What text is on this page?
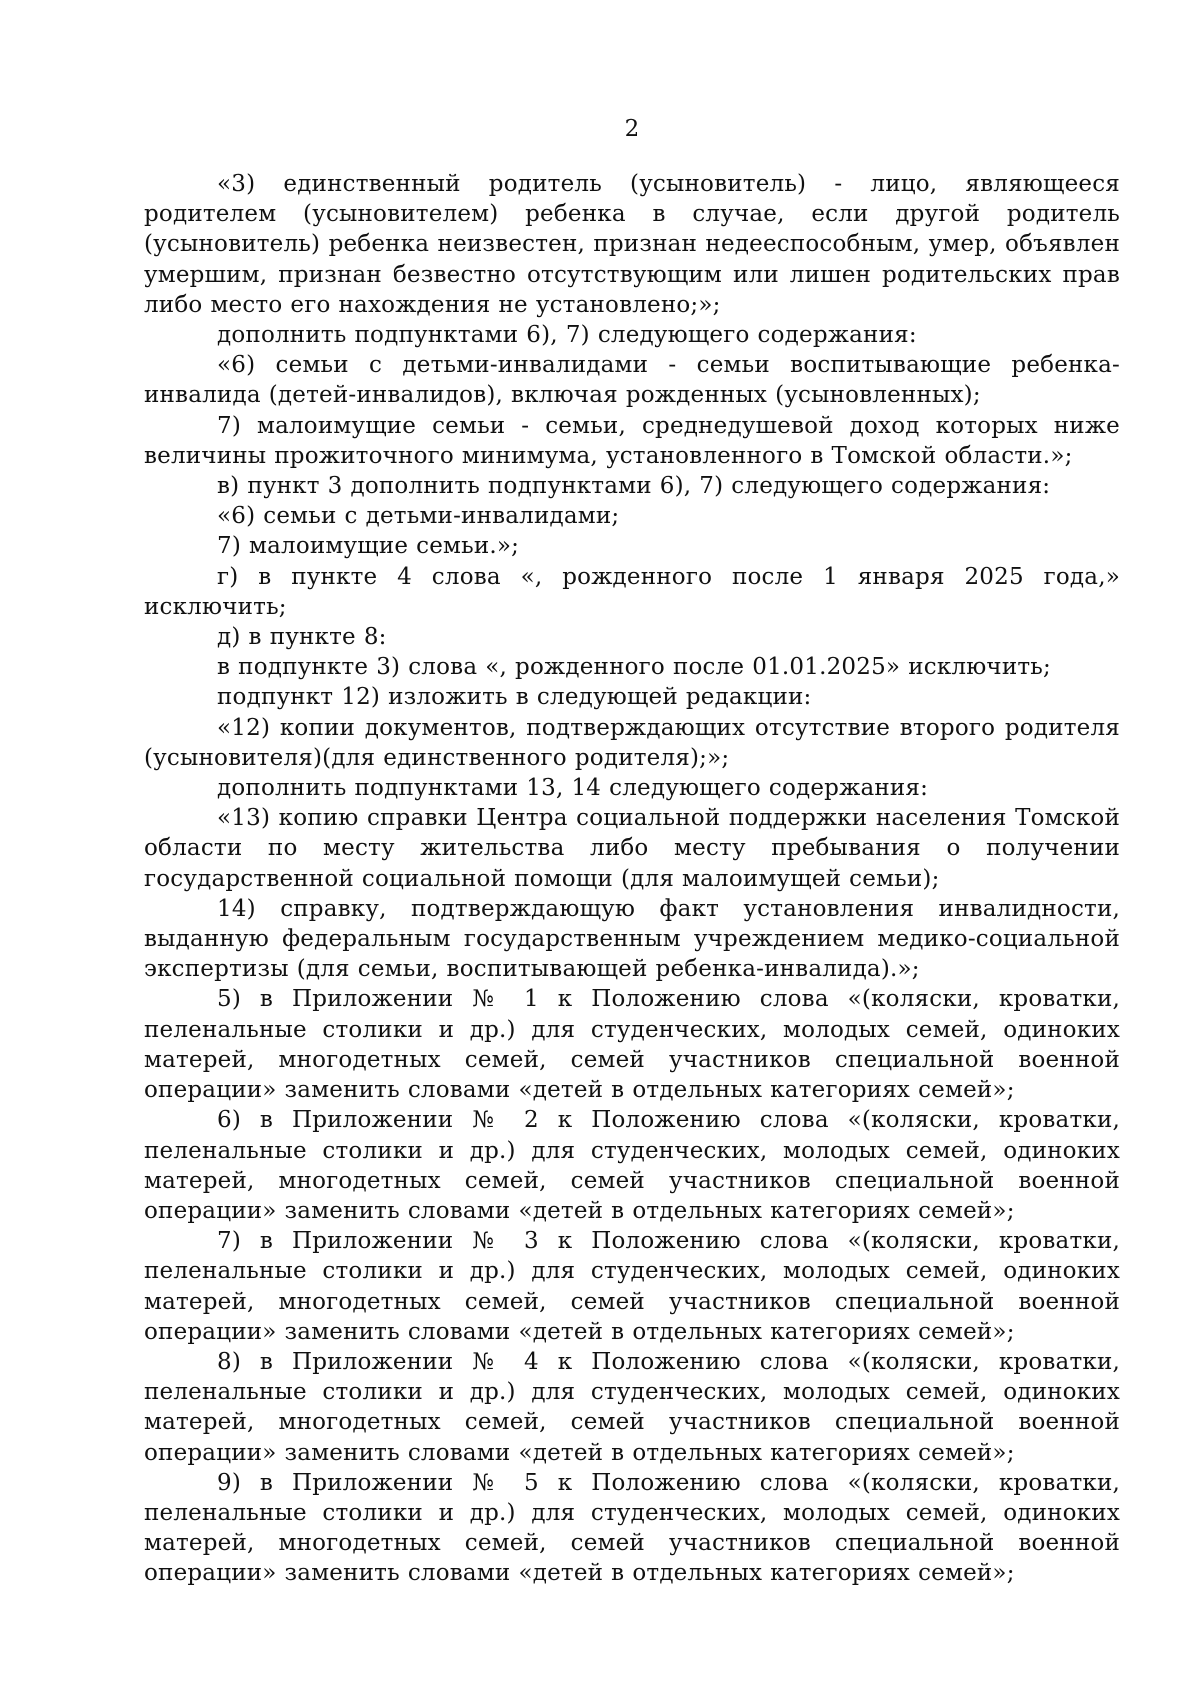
2

«3) единственный родитель (усыновитель) - лицо, являющееся родителем (усыновителем) ребенка в случае, если другой родитель (усыновитель) ребенка неизвестен, признан недееспособным, умер, объявлен умершим, признан безвестно отсутствующим или лишен родительских прав либо место его нахождения не установлено;»;

дополнить подпунктами 6), 7) следующего содержания:

«6) семьи с детьми-инвалидами - семьи воспитывающие ребенка-инвалида (детей-инвалидов), включая рожденных (усыновленных);

7) малоимущие семьи - семьи, среднедушевой доход которых ниже величины прожиточного минимума, установленного в Томской области.»;

в) пункт 3 дополнить подпунктами 6), 7) следующего содержания:

«6) семьи с детьми-инвалидами;

7) малоимущие семьи.»;

г) в пункте 4 слова «, рожденного после 1 января 2025 года,» исключить;

д) в пункте 8:

в подпункте 3) слова «, рожденного после 01.01.2025» исключить;

подпункт 12) изложить в следующей редакции:

«12) копии документов, подтверждающих отсутствие второго родителя (усыновителя)(для единственного родителя);»;

дополнить подпунктами 13, 14 следующего содержания:

«13) копию справки Центра социальной поддержки населения Томской области по месту жительства либо месту пребывания о получении государственной социальной помощи (для малоимущей семьи);

14) справку, подтверждающую факт установления инвалидности, выданную федеральным государственным учреждением медико-социальной экспертизы (для семьи, воспитывающей ребенка-инвалида).»;

5) в Приложении № 1 к Положению слова «(коляски, кроватки, пеленальные столики и др.) для студенческих, молодых семей, одиноких матерей, многодетных семей, семей участников специальной военной операции» заменить словами «детей в отдельных категориях семей»;

6) в Приложении № 2 к Положению слова «(коляски, кроватки, пеленальные столики и др.) для студенческих, молодых семей, одиноких матерей, многодетных семей, семей участников специальной военной операции» заменить словами «детей в отдельных категориях семей»;

7) в Приложении № 3 к Положению слова «(коляски, кроватки, пеленальные столики и др.) для студенческих, молодых семей, одиноких матерей, многодетных семей, семей участников специальной военной операции» заменить словами «детей в отдельных категориях семей»;

8) в Приложении № 4 к Положению слова «(коляски, кроватки, пеленальные столики и др.) для студенческих, молодых семей, одиноких матерей, многодетных семей, семей участников специальной военной операции» заменить словами «детей в отдельных категориях семей»;

9) в Приложении № 5 к Положению слова «(коляски, кроватки, пеленальные столики и др.) для студенческих, молодых семей, одиноких матерей, многодетных семей, семей участников специальной военной операции» заменить словами «детей в отдельных категориях семей»;
